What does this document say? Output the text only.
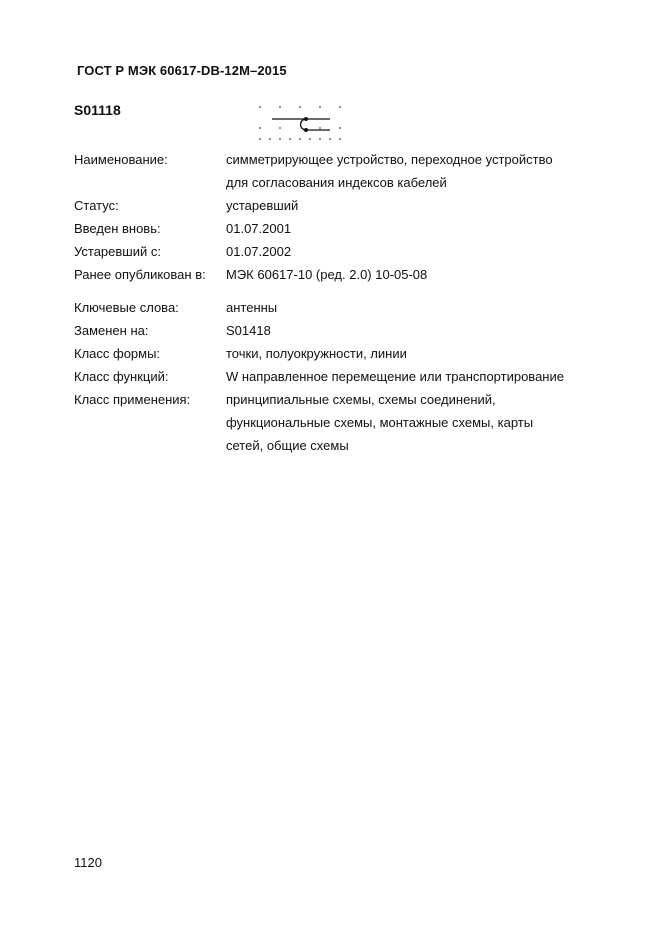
ГОСТ Р МЭК 60617-DB-12M–2015
S01118
Наименование:	симметрирующее устройство, переходное устройство
для согласования индексов кабелей
Статус:	устаревший
Введен вновь:	01.07.2001
Устаревший с:	01.07.2002
Ранее опубликован в:	МЭК 60617-10 (ред. 2.0) 10-05-08
Ключевые слова:	антенны
Заменен на:	S01418
Класс формы:	точки, полуокружности, линии
Класс функций:	W направленное перемещение или транспортирование
Класс применения:	принципиальные схемы, схемы соединений,
функциональные схемы, монтажные схемы, карты
сетей, общие схемы
1120
